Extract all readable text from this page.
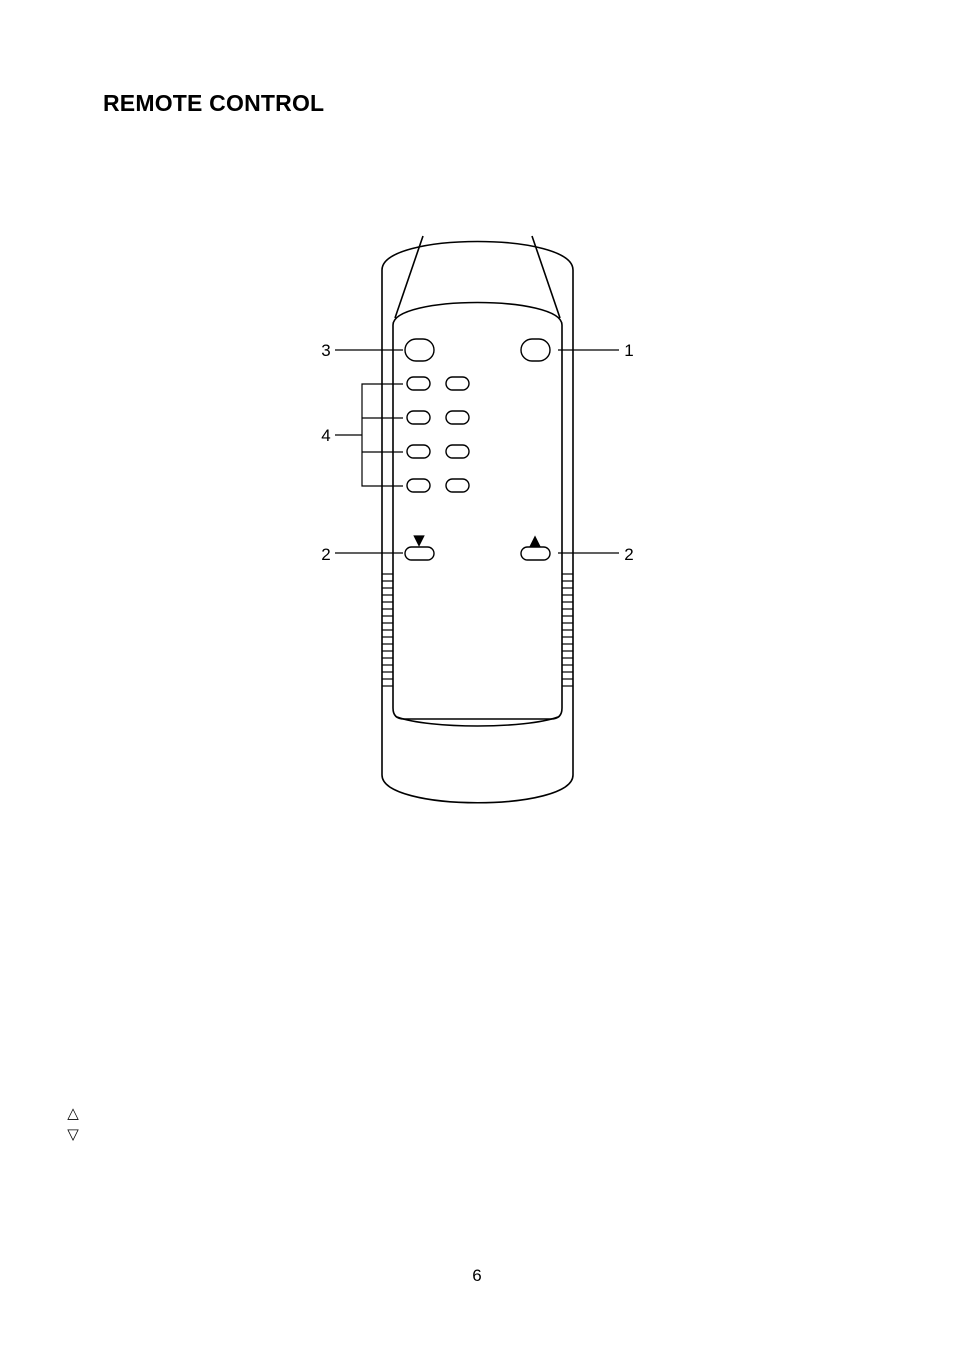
REMOTE CONTROL
▼	▲
3	1
4
2	2
△
▽

6
